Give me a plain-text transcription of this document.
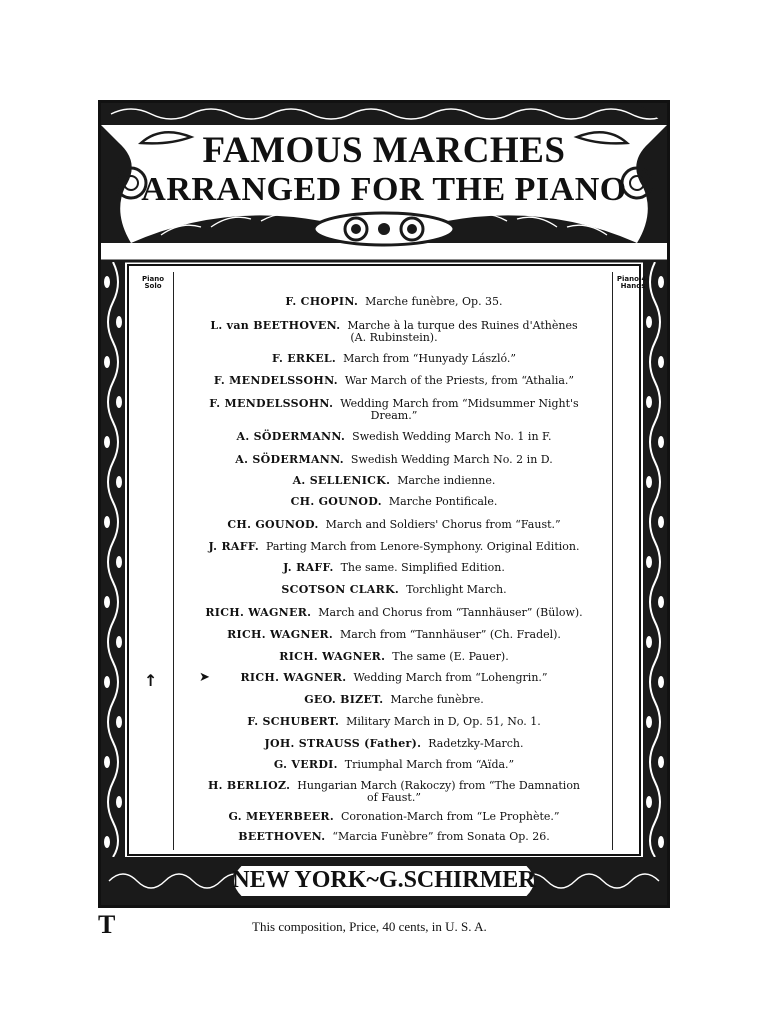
FAMOUS MARCHES
ARRANGED FOR THE PIANO
Piano Solo
Piano 4-Hands
F. CHOPIN. Marche funèbre, Op. 35.
L. van BEETHOVEN. Marche à la turque des Ruines d'Athènes
(A. Rubinstein).
F. ERKEL. March from “Hunyady László.”
F. MENDELSSOHN. War March of the Priests, from “Athalia.”
F. MENDELSSOHN. Wedding March from “Midsummer Night's
Dream.”
A. SÖDERMANN. Swedish Wedding March No. 1 in F.
A. SÖDERMANN. Swedish Wedding March No. 2 in D.
A. SELLENICK. Marche indienne.
CH. GOUNOD. Marche Pontificale.
CH. GOUNOD. March and Soldiers' Chorus from “Faust.”
J. RAFF. Parting March from Lenore-Symphony. Original Edition.
J. RAFF. The same. Simplified Edition.
SCOTSON CLARK. Torchlight March.
RICH. WAGNER. March and Chorus from “Tannhäuser” (Bülow).
RICH. WAGNER. March from “Tannhäuser” (Ch. Fradel).
RICH. WAGNER. The same (E. Pauer).
RICH. WAGNER. Wedding March from “Lohengrin.”
GEO. BIZET. Marche funèbre.
F. SCHUBERT. Military March in D, Op. 51, No. 1.
JOH. STRAUSS (Father). Radetzky-March.
G. VERDI. Triumphal March from “Aïda.”
H. BERLIOZ. Hungarian March (Rakoczy) from “The Damnation
of Faust.”
G. MEYERBEER. Coronation-March from “Le Prophète.”
BEETHOVEN. “Marcia Funèbre” from Sonata Op. 26.
↑	➤
NEW YORK~G.SCHIRMER
T	This composition, Price, 40 cents, in U. S. A.
